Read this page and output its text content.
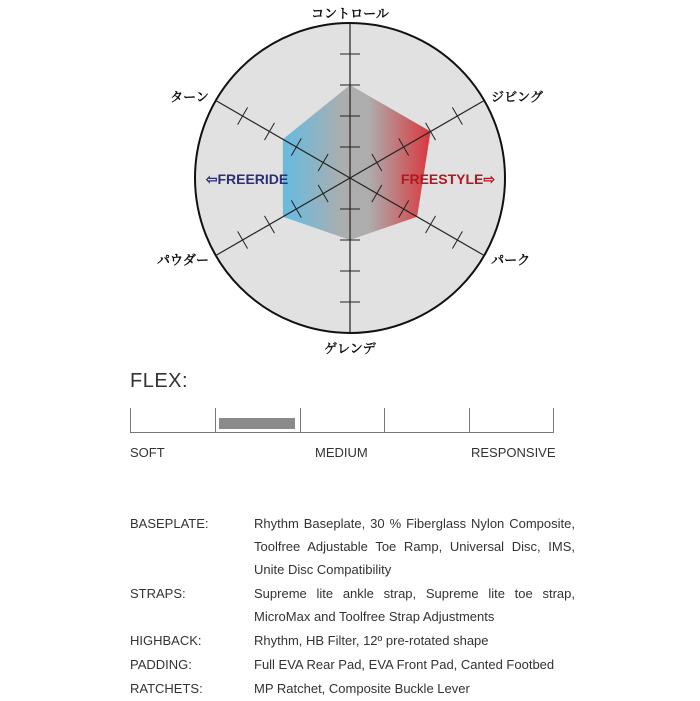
コントロール
ジビング
パーク
ゲレンデ
パウダー
ターン
⇦FREERIDE	FREESTYLE⇨
FLEX:
SOFT	MEDIUM	RESPONSIVE
BASEPLATE:	Rhythm Baseplate, 30 % Fiberglass Nylon Composite, Toolfree Adjustable Toe Ramp, Universal Disc, IMS, Unite Disc Compatibility
STRAPS:	Supreme lite ankle strap, Supreme lite toe strap, MicroMax and Toolfree Strap Adjustments
HIGHBACK:	Rhythm, HB Filter, 12º pre-rotated shape
PADDING:	Full EVA Rear Pad, EVA Front Pad, Canted Footbed
RATCHETS:	MP Ratchet, Composite Buckle Lever
